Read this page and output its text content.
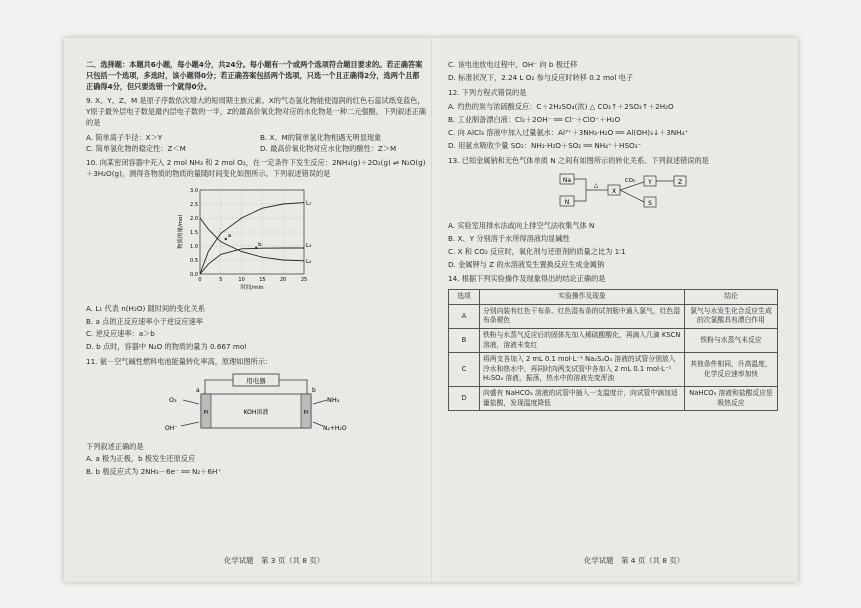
二、选择题：本题共6小题，每小题4分，共24分。每小题有一个或两个选项符合题目要求的。若正确答案只包括一个选项，多选时，该小题得0分；若正确答案包括两个选项，只选一个且正确得2分，选两个且都正确得4分，但只要选错一个就得0分。

9. X、Y、Z、M 是原子序数依次增大的短周期主族元素。X的气态氢化物能使湿润的红色石蕊试纸变蓝色，Y原子最外层电子数是最内层电子数的一半，Z的最高价氧化物对应的水化物是一种二元强酸。下列叙述正确的是

A. 简单离子半径：X＞Y	B. X、M的简单氢化物相遇无明显现象
C. 简单氢化物的稳定性：Z＜M	D. 最高价氧化物对应水化物的酸性：Z＞M

10. 向某密闭容器中充入 2 mol NH₃ 和 2 mol O₂，在一定条件下发生反应：2NH₃(g)＋2O₂(g) ⇌ N₂O(g)＋3H₂O(g)，测得各物质的物质的量随时间变化如图所示。下列叙述错误的是

0.0
0.5
1.0
1.5
2.0
2.5
3.0
0	5	10	15	20	25
时间/min
物质的量/mol
L₁
L₂
L₃
a
b

A. L₁ 代表 n(H₂O) 随时间的变化关系

B. a 点的正反应速率小于逆反应速率

C. 逆反应速率：a＞b

D. b 点时，容器中 N₂O 的物质的量为 0.667 mol

11. 氨－空气碱性燃料电池能量转化率高，原理如图所示：

用电器
Pt	Pt
KOH溶液
a	b
O₂
OH⁻
NH₃
N₂+H₂O

下列叙述正确的是

A. a 极为正极，b 极发生还原反应

B. b 极反应式为 2NH₃－6e⁻ ══ N₂＋6H⁺

化学试题　第 3 页（共 8 页）

C. 该电池放电过程中，OH⁻ 向 b 极迁移

D. 标准状况下，2.24 L O₂ 参与反应时转移 0.2 mol 电子

12. 下列方程式错误的是

A. 灼热的炭与浓硫酸反应：C＋2H₂SO₄(浓) △ CO₂↑＋2SO₂↑＋2H₂O

B. 工业制备漂白液：Cl₂＋2OH⁻ ══ Cl⁻＋ClO⁻＋H₂O

C. 向 AlCl₃ 溶液中加入过量氨水：Al³⁺＋3NH₃·H₂O ══ Al(OH)₃↓＋3NH₄⁺

D. 用氨水吸收少量 SO₂：NH₃·H₂O＋SO₂ ══ NH₄⁺＋HSO₃⁻

13. 已知金属钠和无色气体单质 N 之间有如图所示的转化关系。下列叙述错误的是

Na
N
△
X
CO₂ Y	Z
S

A. 实验室用排水法或向上排空气法收集气体 N

B. X、Y 分别溶于水所得溶液均显碱性

C. X 和 CO₂ 反应时，氧化剂与还原剂的质量之比为 1∶1

D. 金属钾与 Z 的水溶液发生置换反应生成金属钠

14. 根据下列实验操作及现象得出的结论正确的是

选项	实验操作及现象	结论
A	分别向装有红色干布条、红色湿布条的试剂瓶中通入氯气，红色湿布条褪色	氯气与水发生化合反应生成的次氯酸具有漂白作用
B	铁粉与水蒸气反应后的固体先加入稀硫酸酸化，再滴入几滴 KSCN 溶液，溶液未变红	铁粉与水蒸气未反应
C	将两支各加入 2 mL 0.1 mol·L⁻¹ Na₂S₂O₃ 溶液的试管分别放入冷水和热水中，再同时向两支试管中各加入 2 mL 0.1 mol·L⁻¹ H₂SO₄ 溶液，振荡，热水中的溶液先变浑浊	其他条件相同，升高温度，化学反应速率加快
D	向盛有 NaHCO₃ 溶液的试管中插入一支温度计，向试管中滴加适量盐酸，发现温度降低	NaHCO₃ 溶液和盐酸反应是吸热反应
化学试题　第 4 页（共 8 页）
